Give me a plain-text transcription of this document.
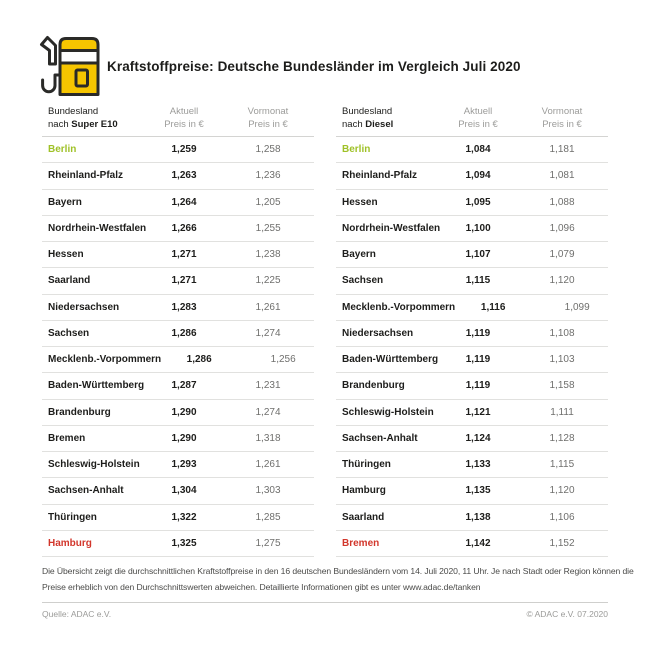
Kraftstoffpreise: Deutsche Bundesländer im Vergleich Juli 2020
Bundesland
nach Super E10
Aktuell
Preis in €
Vormonat
Preis in €
Berlin	1,259	1,258
Rheinland-Pfalz	1,263	1,236
Bayern	1,264	1,205
Nordrhein-Westfalen	1,266	1,255
Hessen	1,271	1,238
Saarland	1,271	1,225
Niedersachsen	1,283	1,261
Sachsen	1,286	1,274
Mecklenb.-Vorpommern	1,286	1,256
Baden-Württemberg	1,287	1,231
Brandenburg	1,290	1,274
Bremen	1,290	1,318
Schleswig-Holstein	1,293	1,261
Sachsen-Anhalt	1,304	1,303
Thüringen	1,322	1,285
Hamburg	1,325	1,275
Bundesland
nach Diesel
Aktuell
Preis in €
Vormonat
Preis in €
Berlin	1,084	1,181
Rheinland-Pfalz	1,094	1,081
Hessen	1,095	1,088
Nordrhein-Westfalen	1,100	1,096
Bayern	1,107	1,079
Sachsen	1,115	1,120
Mecklenb.-Vorpommern	1,116	1,099
Niedersachsen	1,119	1,108
Baden-Württemberg	1,119	1,103
Brandenburg	1,119	1,158
Schleswig-Holstein	1,121	1,111
Sachsen-Anhalt	1,124	1,128
Thüringen	1,133	1,115
Hamburg	1,135	1,120
Saarland	1,138	1,106
Bremen	1,142	1,152
Die Übersicht zeigt die durchschnittlichen Kraftstoffpreise in den 16 deutschen Bundesländern vom 14. Juli 2020, 11 Uhr. Je nach Stadt oder Region können die
Preise erheblich von den Durchschnittswerten abweichen. Detaillierte Informationen gibt es unter www.adac.de/tanken
Quelle: ADAC e.V.	© ADAC e.V. 07.2020
